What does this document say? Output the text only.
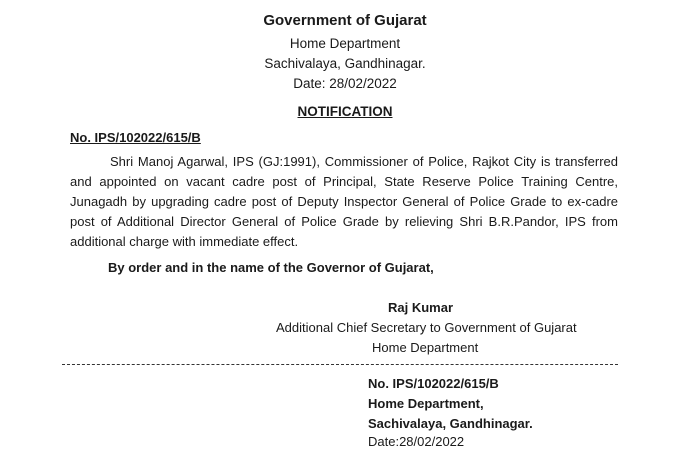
Government of Gujarat
Home Department
Sachivalaya, Gandhinagar.
Date: 28/02/2022
NOTIFICATION
No. IPS/102022/615/B
Shri Manoj Agarwal, IPS (GJ:1991), Commissioner of Police, Rajkot City is transferred and appointed on vacant cadre post of Principal, State Reserve Police Training Centre, Junagadh by upgrading cadre post of Deputy Inspector General of Police Grade to ex-cadre post of Additional Director General of Police Grade by relieving Shri B.R.Pandor, IPS from additional charge with immediate effect.
By order and in the name of the Governor of Gujarat,
Raj Kumar
Additional Chief Secretary to Government of Gujarat
Home Department
No. IPS/102022/615/B
Home Department,
Sachivalaya, Gandhinagar.
Date:28/02/2022
